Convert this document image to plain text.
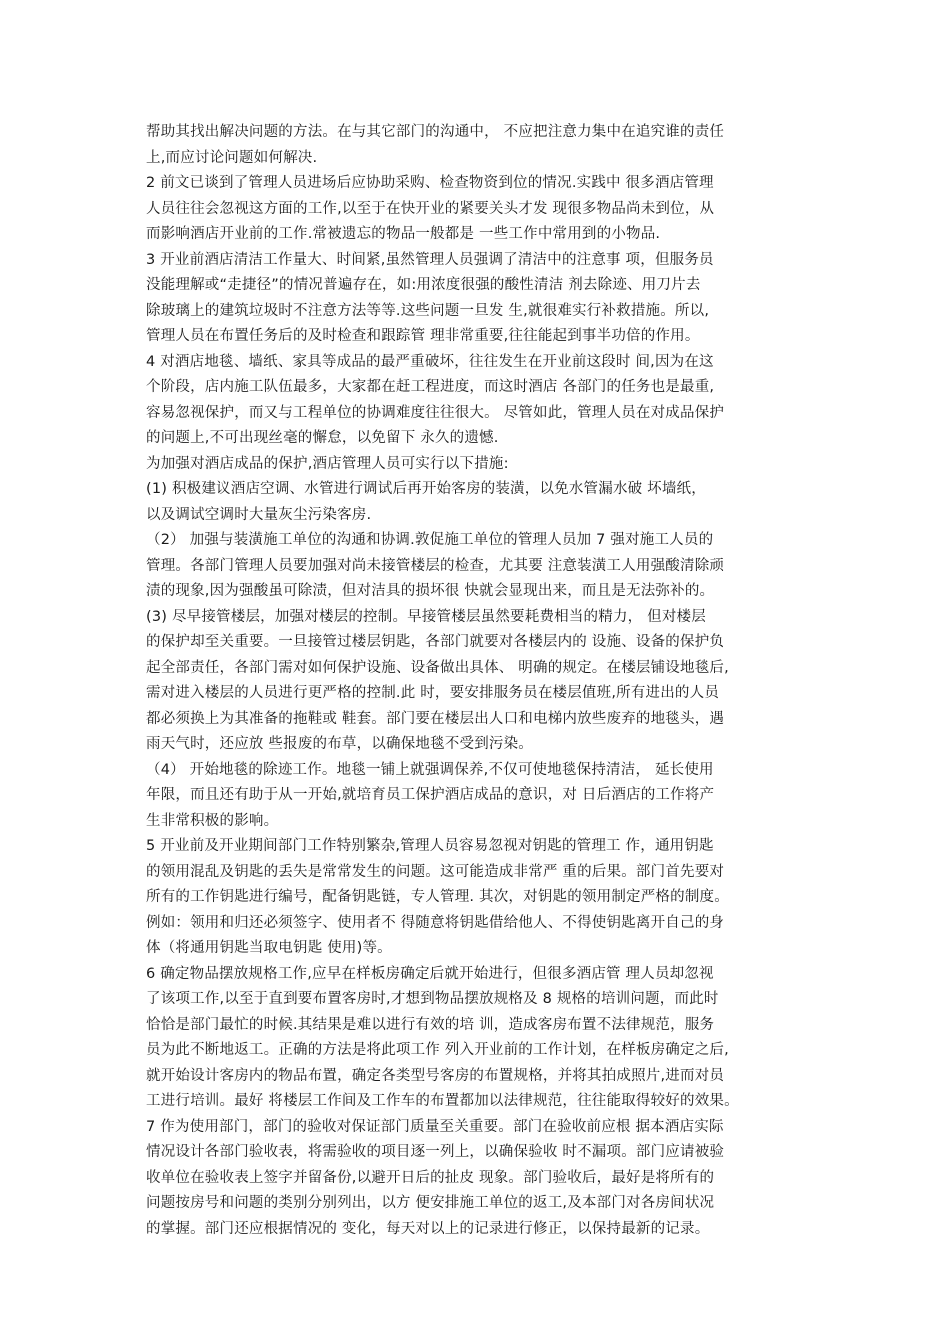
帮助其找出解决问题的方法。在与其它部门的沟通中， 不应把注意力集中在追究谁的责任
上,而应讨论问题如何解决.
2 前文已谈到了管理人员进场后应协助采购、检查物资到位的情况.实践中 很多酒店管理
人员往往会忽视这方面的工作,以至于在快开业的紧要关头才发 现很多物品尚未到位，从
而影响酒店开业前的工作.常被遗忘的物品一般都是 一些工作中常用到的小物品.
3 开业前酒店清洁工作量大、时间紧,虽然管理人员强调了清洁中的注意事 项，但服务员
没能理解或“走捷径”的情况普遍存在，如:用浓度很强的酸性清洁 剂去除迹、用刀片去
除玻璃上的建筑垃圾时不注意方法等等.这些问题一旦发 生,就很难实行补救措施。所以,
管理人员在布置任务后的及时检查和跟踪管 理非常重要,往往能起到事半功倍的作用。
4 对酒店地毯、墙纸、家具等成品的最严重破坏，往往发生在开业前这段时 间,因为在这
个阶段，店内施工队伍最多，大家都在赶工程进度，而这时酒店 各部门的任务也是最重,
容易忽视保护，而又与工程单位的协调难度往往很大。 尽管如此，管理人员在对成品保护
的问题上,不可出现丝毫的懈怠，以免留下 永久的遗憾.
为加强对酒店成品的保护,酒店管理人员可实行以下措施:
(1) 积极建议酒店空调、水管进行调试后再开始客房的装潢，以免水管漏水破 坏墙纸，
以及调试空调时大量灰尘污染客房.
（2） 加强与装潢施工单位的沟通和协调.敦促施工单位的管理人员加 7 强对施工人员的
管理。各部门管理人员要加强对尚未接管楼层的检查，尤其要 注意装潢工人用强酸清除顽
渍的现象,因为强酸虽可除渍，但对洁具的损坏很 快就会显现出来，而且是无法弥补的。
(3) 尽早接管楼层，加强对楼层的控制。早接管楼层虽然要耗费相当的精力， 但对楼层
的保护却至关重要。一旦接管过楼层钥匙，各部门就要对各楼层内的 设施、设备的保护负
起全部责任，各部门需对如何保护设施、设备做出具体、 明确的规定。在楼层铺设地毯后,
需对进入楼层的人员进行更严格的控制.此 时，要安排服务员在楼层值班,所有进出的人员
都必须换上为其准备的拖鞋或 鞋套。部门要在楼层出人口和电梯内放些废弃的地毯头，遇
雨天气时，还应放 些报废的布草，以确保地毯不受到污染。
（4） 开始地毯的除迹工作。地毯一铺上就强调保养,不仅可使地毯保持清洁， 延长使用
年限，而且还有助于从一开始,就培育员工保护酒店成品的意识，对 日后酒店的工作将产
生非常积极的影响。
5 开业前及开业期间部门工作特别繁杂,管理人员容易忽视对钥匙的管理工 作，通用钥匙
的领用混乱及钥匙的丢失是常常发生的问题。这可能造成非常严 重的后果。部门首先要对
所有的工作钥匙进行编号，配备钥匙链，专人管理. 其次，对钥匙的领用制定严格的制度。
例如：领用和归还必须签字、使用者不 得随意将钥匙借给他人、不得使钥匙离开自己的身
体（将通用钥匙当取电钥匙 使用)等。
6 确定物品摆放规格工作,应早在样板房确定后就开始进行，但很多酒店管 理人员却忽视
了该项工作,以至于直到要布置客房时,才想到物品摆放规格及 8 规格的培训问题，而此时
恰恰是部门最忙的时候.其结果是难以进行有效的培 训，造成客房布置不法律规范，服务
员为此不断地返工。正确的方法是将此项工作 列入开业前的工作计划，在样板房确定之后,
就开始设计客房内的物品布置，确定各类型号客房的布置规格，并将其拍成照片,进而对员
工进行培训。最好 将楼层工作间及工作车的布置都加以法律规范，往往能取得较好的效果。
7 作为使用部门，部门的验收对保证部门质量至关重要。部门在验收前应根 据本酒店实际
情况设计各部门验收表，将需验收的项目逐一列上，以确保验收 时不漏项。部门应请被验
收单位在验收表上签字并留备份,以避开日后的扯皮 现象。部门验收后，最好是将所有的
问题按房号和问题的类别分别列出，以方 便安排施工单位的返工,及本部门对各房间状况
的掌握。部门还应根据情况的 变化，每天对以上的记录进行修正，以保持最新的记录。
